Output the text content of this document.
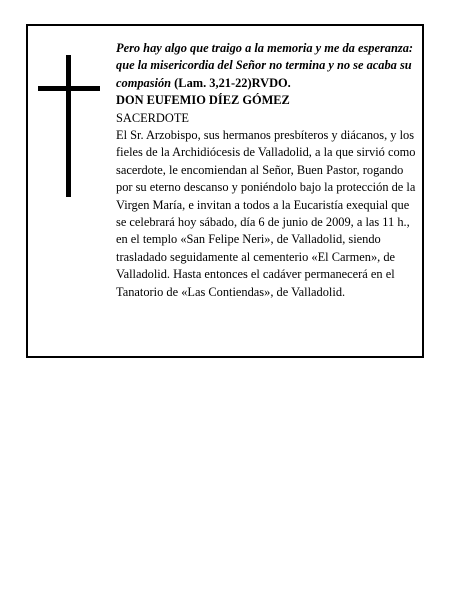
Pero hay algo que traigo a la memoria y me da esperanza: que la misericordia del Señor no termina y no se acaba su compasión (Lam. 3,21-22)RVDO.

DON EUFEMIO DÍEZ GÓMEZ

SACERDOTE

El Sr. Arzobispo, sus hermanos presbíteros y diácanos, y los fieles de la Archidiócesis de Valladolid, a la que sirvió como sacerdote, le encomiendan al Señor, Buen Pastor, rogando por su eterno descanso y poniéndolo bajo la protección de la Virgen María, e invitan a todos a la Eucaristía exequial que se celebrará hoy sábado, día 6 de junio de 2009, a las 11 h., en el templo «San Felipe Neri», de Valladolid, siendo trasladado seguidamente al cementerio «El Carmen», de Valladolid. Hasta entonces el cadáver permanecerá en el Tanatorio de «Las Contiendas», de Valladolid.
